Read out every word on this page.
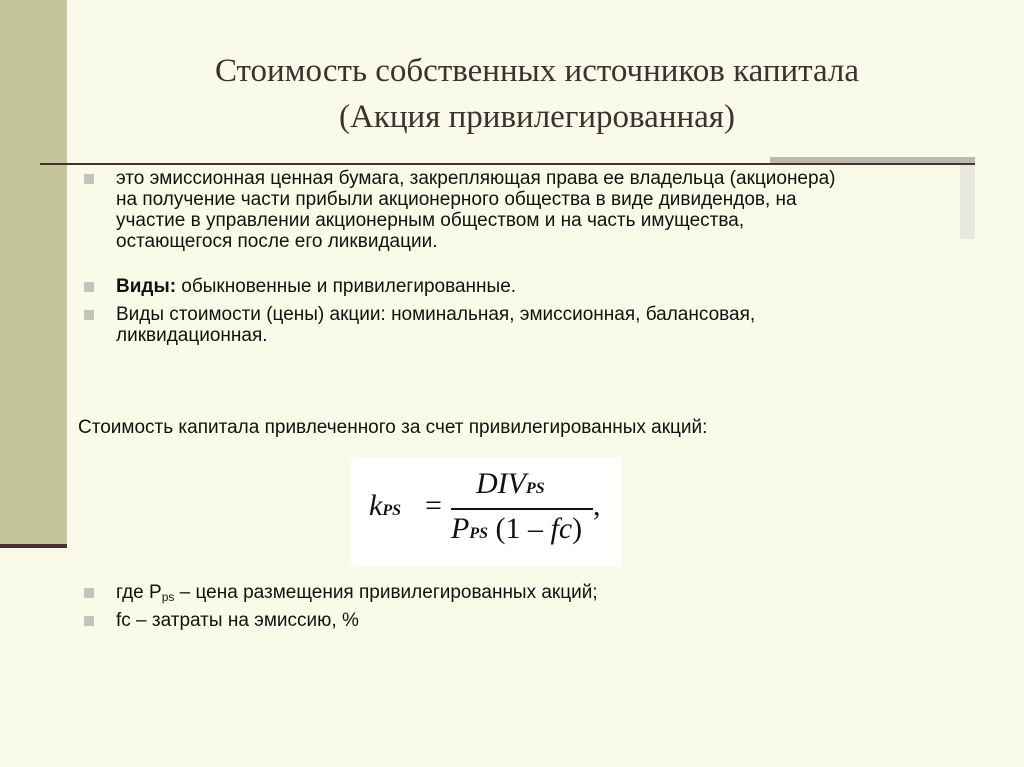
Стоимость собственных источников капитала
(Акция привилегированная)
это эмиссионная ценная бумага, закрепляющая права ее владельца (акционера)
на получение части прибыли акционерного общества в виде дивидендов, на
участие в управлении акционерным обществом и на часть имущества,
остающегося после его ликвидации.
Виды: обыкновенные и привилегированные.
Виды стоимости (цены) акции: номинальная, эмиссионная, балансовая,
ликвидационная.
Стоимость капитала привлеченного за счет привилегированных акций:
kPS =
DIVPS
PPS (1 – fc)
,
где Pps – цена размещения привилегированных акций;
fc – затраты на эмиссию, %
